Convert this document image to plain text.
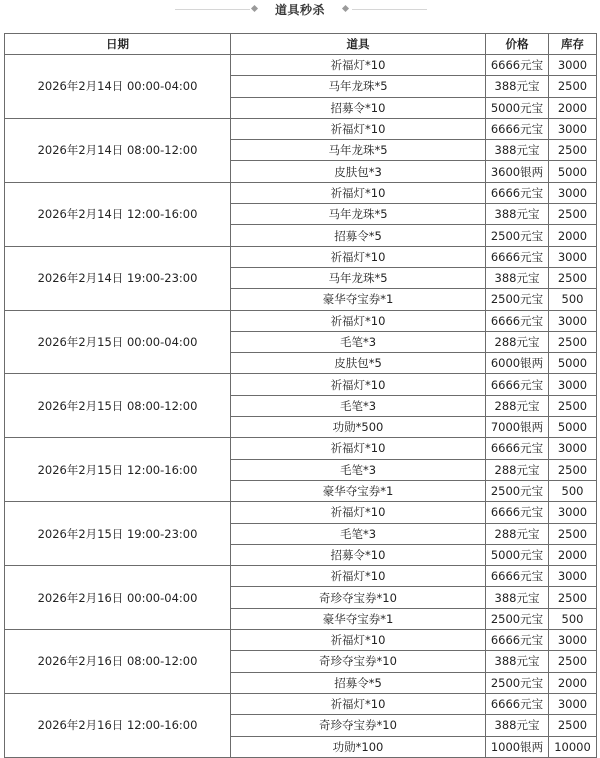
道具秒杀
日期	道具	价格	库存
2026年2月14日 00:00-04:00	祈福灯*10	6666元宝	3000
	马年龙珠*5	388元宝	2500
	招募令*10	5000元宝	2000
2026年2月14日 08:00-12:00	祈福灯*10	6666元宝	3000
	马年龙珠*5	388元宝	2500
	皮肤包*3	3600银两	5000
2026年2月14日 12:00-16:00	祈福灯*10	6666元宝	3000
	马年龙珠*5	388元宝	2500
	招募令*5	2500元宝	2000
2026年2月14日 19:00-23:00	祈福灯*10	6666元宝	3000
	马年龙珠*5	388元宝	2500
	豪华夺宝券*1	2500元宝	500
2026年2月15日 00:00-04:00	祈福灯*10	6666元宝	3000
	毛笔*3	288元宝	2500
	皮肤包*5	6000银两	5000
2026年2月15日 08:00-12:00	祈福灯*10	6666元宝	3000
	毛笔*3	288元宝	2500
	功勋*500	7000银两	5000
2026年2月15日 12:00-16:00	祈福灯*10	6666元宝	3000
	毛笔*3	288元宝	2500
	豪华夺宝券*1	2500元宝	500
2026年2月15日 19:00-23:00	祈福灯*10	6666元宝	3000
	毛笔*3	288元宝	2500
	招募令*10	5000元宝	2000
2026年2月16日 00:00-04:00	祈福灯*10	6666元宝	3000
	奇珍夺宝券*10	388元宝	2500
	豪华夺宝券*1	2500元宝	500
2026年2月16日 08:00-12:00	祈福灯*10	6666元宝	3000
	奇珍夺宝券*10	388元宝	2500
	招募令*5	2500元宝	2000
2026年2月16日 12:00-16:00	祈福灯*10	6666元宝	3000
	奇珍夺宝券*10	388元宝	2500
	功勋*100	1000银两	10000
